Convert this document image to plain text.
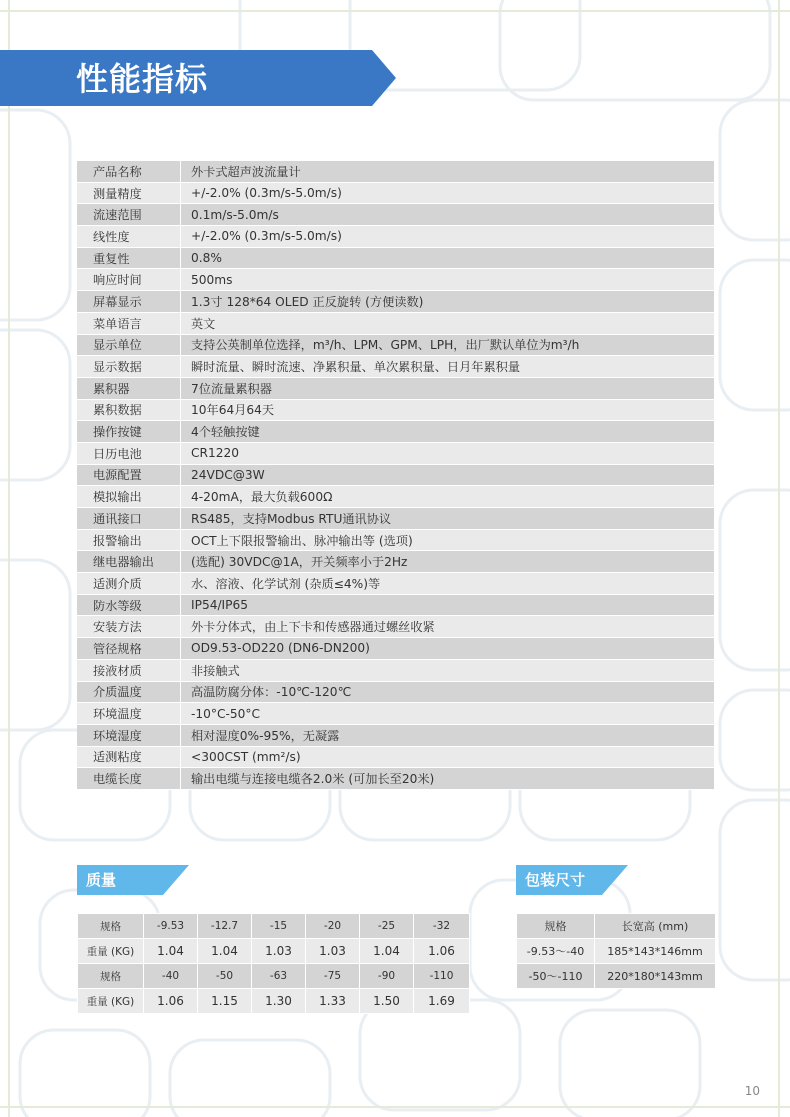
性能指标
产品名称	外卡式超声波流量计
测量精度	+/-2.0% (0.3m/s-5.0m/s)
流速范围	0.1m/s-5.0m/s
线性度	+/-2.0% (0.3m/s-5.0m/s)
重复性	0.8%
响应时间	500ms
屏幕显示	1.3寸 128*64 OLED 正反旋转 (方便读数)
菜单语言	英文
显示单位	支持公英制单位选择，m³/h、LPM、GPM、LPH，出厂默认单位为m³/h
显示数据	瞬时流量、瞬时流速、净累积量、单次累积量、日月年累积量
累积器	7位流量累积器
累积数据	10年64月64天
操作按键	4个轻触按键
日历电池	CR1220
电源配置	24VDC@3W
模拟输出	4-20mA，最大负载600Ω
通讯接口	RS485，支持Modbus RTU通讯协议
报警输出	OCT上下限报警输出、脉冲输出等 (选项)
继电器输出	(选配) 30VDC@1A，开关频率小于2Hz
适测介质	水、溶液、化学试剂 (杂质≤4%)等
防水等级	IP54/IP65
安装方法	外卡分体式，由上下卡和传感器通过螺丝收紧
管径规格	OD9.53-OD220 (DN6-DN200)
接液材质	非接触式
介质温度	高温防腐分体：-10℃-120℃
环境温度	-10°C-50°C
环境湿度	相对湿度0%-95%，无凝露
适测粘度	<300CST (mm²/s)
电缆长度	输出电缆与连接电缆各2.0米 (可加长至20米)
质量
规格	-9.53	-12.7	-15	-20	-25	-32
重量 (KG)	1.04	1.04	1.03	1.03	1.04	1.06
规格	-40	-50	-63	-75	-90	-110
重量 (KG)	1.06	1.15	1.30	1.33	1.50	1.69
包装尺寸
规格	长宽高 (mm)
-9.53～-40	185*143*146mm
-50～-110	220*180*143mm
10
